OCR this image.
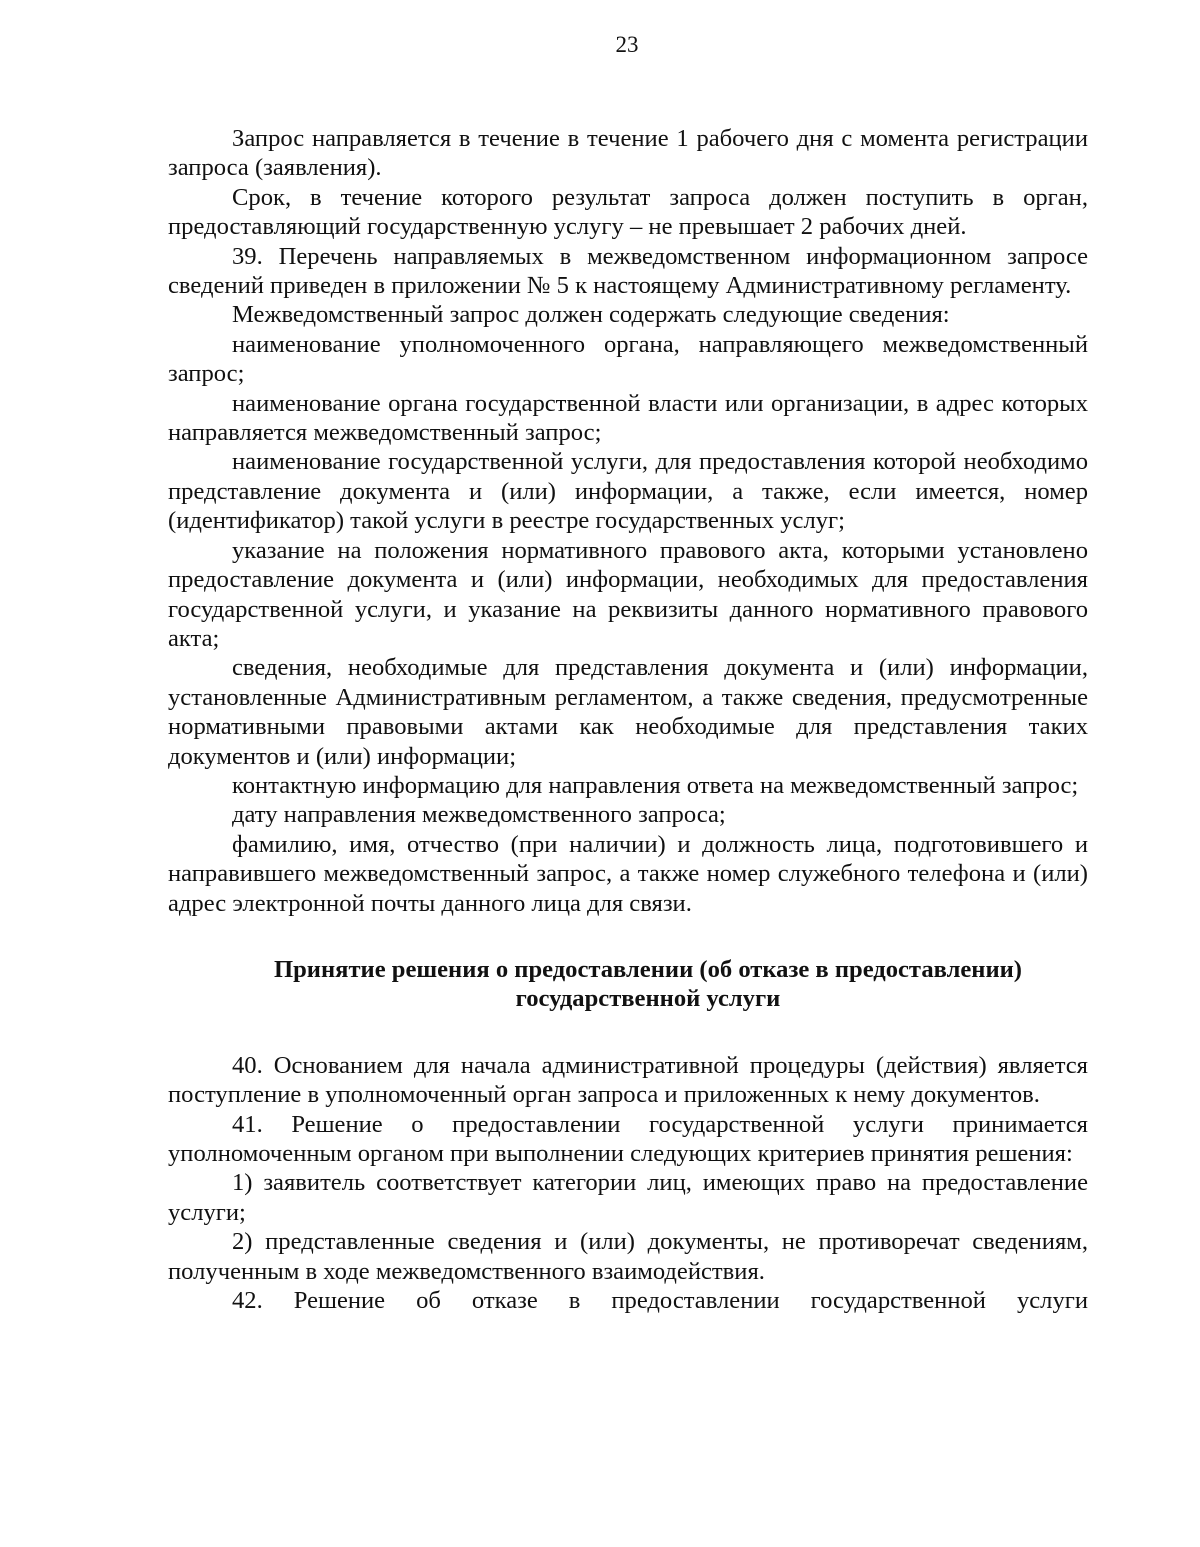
23

Запрос направляется в течение в течение 1 рабочего дня с момента регистрации запроса (заявления).

Срок, в течение которого результат запроса должен поступить в орган, предоставляющий государственную услугу – не превышает 2 рабочих дней.

39. Перечень направляемых в межведомственном информационном запросе сведений приведен в приложении № 5 к настоящему Административному регламенту.

Межведомственный запрос должен содержать следующие сведения:

наименование уполномоченного органа, направляющего межведомственный запрос;

наименование органа государственной власти или организации, в адрес которых направляется межведомственный запрос;

наименование государственной услуги, для предоставления которой необходимо представление документа и (или) информации, а также, если имеется, номер (идентификатор) такой услуги в реестре государственных услуг;

указание на положения нормативного правового акта, которыми установлено предоставление документа и (или) информации, необходимых для предоставления государственной услуги, и указание на реквизиты данного нормативного правового акта;

сведения, необходимые для представления документа и (или) информации, установленные Административным регламентом, а также сведения, предусмотренные нормативными правовыми актами как необходимые для представления таких документов и (или) информации;

контактную информацию для направления ответа на межведомственный запрос;

дату направления межведомственного запроса;

фамилию, имя, отчество (при наличии) и должность лица, подготовившего и направившего межведомственный запрос, а также номер служебного телефона и (или) адрес электронной почты данного лица для связи.

Принятие решения о предоставлении (об отказе в предоставлении)
государственной услуги

40. Основанием для начала административной процедуры (действия) является поступление в уполномоченный орган запроса и приложенных к нему документов.

41. Решение о предоставлении государственной услуги принимается уполномоченным органом при выполнении следующих критериев принятия решения:

1) заявитель соответствует категории лиц, имеющих право на предоставление услуги;

2) представленные сведения и (или) документы, не противоречат сведениям, полученным в ходе межведомственного взаимодействия.

42. Решение об отказе в предоставлении государственной услуги
